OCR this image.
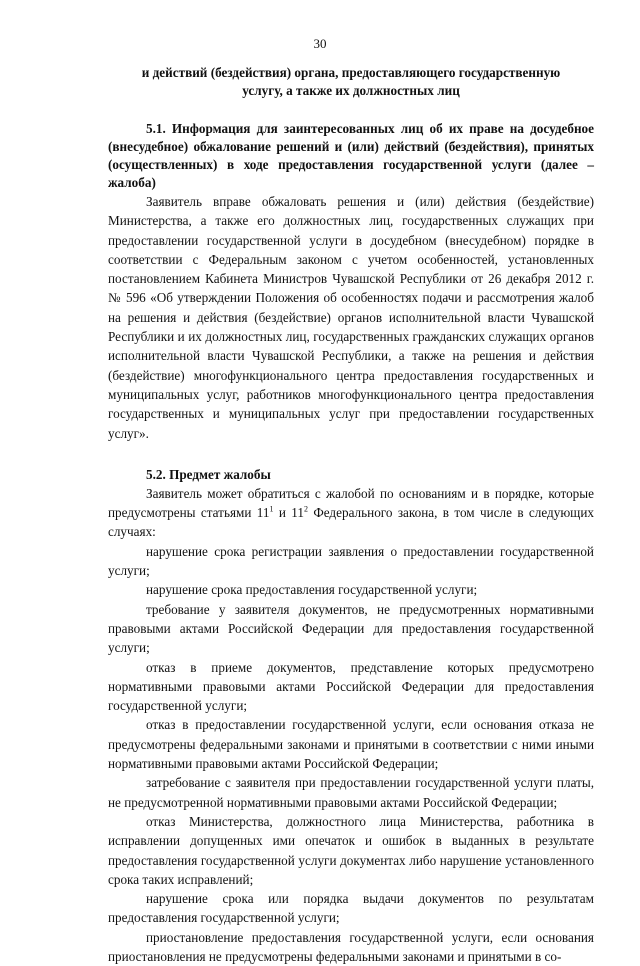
30
и действий (бездействия) органа, предоставляющего государственную
услугу, а также их должностных лиц

5.1. Информация для заинтересованных лиц об их праве на досудебное (внесудебное) обжалование решений и (или) действий (бездействия), принятых (осуществленных) в ходе предоставления государственной услуги (далее – жалоба)

Заявитель вправе обжаловать решения и (или) действия (бездействие) Министерства, а также его должностных лиц, государственных служащих при предоставлении государственной услуги в досудебном (внесудебном) порядке в соответствии с Федеральным законом с учетом особенностей, установленных постановлением Кабинета Министров Чувашской Республики от 26 декабря 2012 г. № 596 «Об утверждении Положения об особенностях подачи и рассмотрения жалоб на решения и действия (бездействие) органов исполнительной власти Чувашской Республики и их должностных лиц, государственных гражданских служащих органов исполнительной власти Чувашской Республики, а также на решения и действия (бездействие) многофункционального центра предоставления государственных и муниципальных услуг, работников многофункционального центра предоставления государственных и муниципальных услуг при предоставлении государственных услуг».

5.2. Предмет жалобы

Заявитель может обратиться с жалобой по основаниям и в порядке, которые предусмотрены статьями $11^1$ и $11^2$ Федерального закона, в том числе в следующих случаях:

нарушение срока регистрации заявления о предоставлении государственной услуги;

нарушение срока предоставления государственной услуги;

требование у заявителя документов, не предусмотренных нормативными правовыми актами Российской Федерации для предоставления государственной услуги;

отказ в приеме документов, представление которых предусмотрено нормативными правовыми актами Российской Федерации для предоставления государственной услуги;

отказ в предоставлении государственной услуги, если основания отказа не предусмотрены федеральными законами и принятыми в соответствии с ними иными нормативными правовыми актами Российской Федерации;

затребование с заявителя при предоставлении государственной услуги платы, не предусмотренной нормативными правовыми актами Российской Федерации;

отказ Министерства, должностного лица Министерства, работника в исправлении допущенных ими опечаток и ошибок в выданных в результате предоставления государственной услуги документах либо нарушение установленного срока таких исправлений;

нарушение срока или порядка выдачи документов по результатам предоставления государственной услуги;

приостановление предоставления государственной услуги, если основания приостановления не предусмотрены федеральными законами и принятыми в со-
